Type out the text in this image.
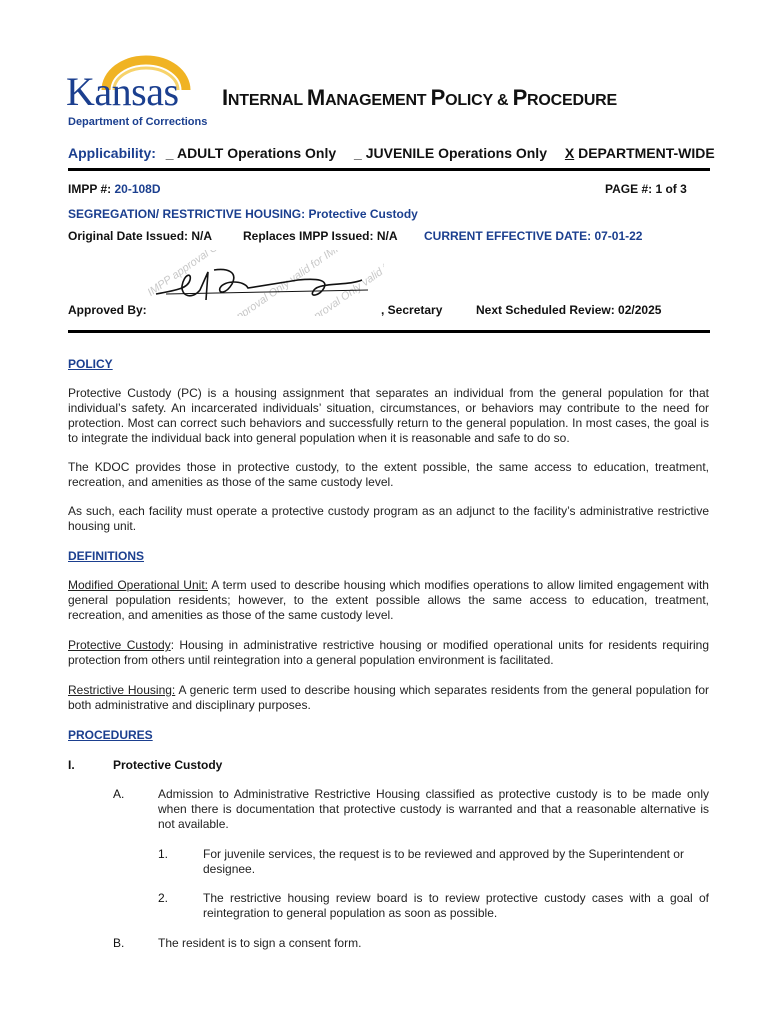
Kansas
Department of Corrections
INTERNAL MANAGEMENT POLICY & PROCEDURE
Applicability: _ ADULT Operations Only _ JUVENILE Operations Only X DEPARTMENT-WIDE
IMPP #: 20-108D	PAGE #: 1 of 3
SEGREGATION/ RESTRICTIVE HOUSING: Protective Custody
Original Date Issued: N/A	Replaces IMPP Issued: N/A CURRENT EFFECTIVE DATE: 07-01-22
Approved By:	, Secretary	Next Scheduled Review: 02/2025
POLICY
Protective Custody (PC) is a housing assignment that separates an individual from the general population for that individual’s safety. An incarcerated individuals’ situation, circumstances, or behaviors may contribute to the need for protection. Most can correct such behaviors and successfully return to the general population. In most cases, the goal is to integrate the individual back into general population when it is reasonable and safe to do so.
The KDOC provides those in protective custody, to the extent possible, the same access to education, treatment, recreation, and amenities as those of the same custody level.
As such, each facility must operate a protective custody program as an adjunct to the facility’s administrative restrictive housing unit.
DEFINITIONS
Modified Operational Unit: A term used to describe housing which modifies operations to allow limited engagement with general population residents; however, to the extent possible allows the same access to education, treatment, recreation, and amenities as those of the same custody level.
Protective Custody: Housing in administrative restrictive housing or modified operational units for residents requiring protection from others until reintegration into a general population environment is facilitated.
Restrictive Housing: A generic term used to describe housing which separates residents from the general population for both administrative and disciplinary purposes.
PROCEDURES
I.	Protective Custody
A.	Admission to Administrative Restrictive Housing classified as protective custody is to be made only when there is documentation that protective custody is warranted and that a reasonable alternative is not available.
1.	For juvenile services, the request is to be reviewed and approved by the Superintendent or designee.
2.	The restrictive housing review board is to review protective custody cases with a goal of reintegration to general population as soon as possible.
B.	The resident is to sign a consent form.
